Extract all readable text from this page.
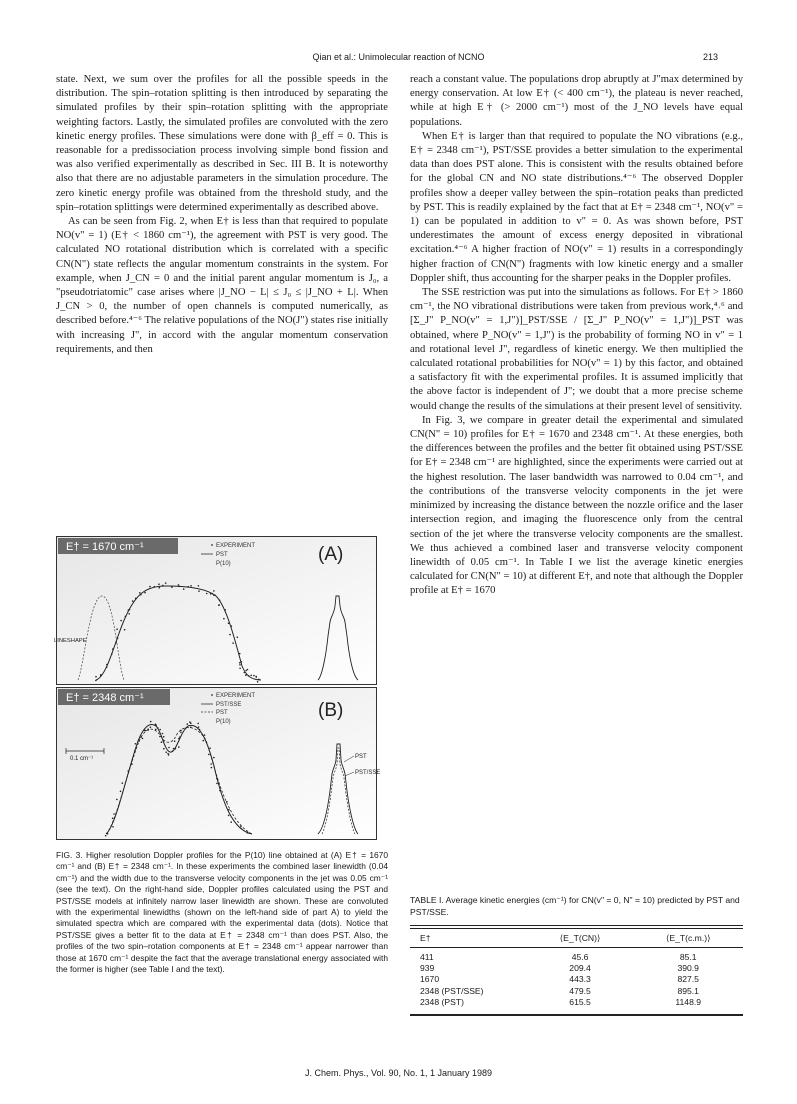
Qian et al.: Unimolecular reaction of NCNO	213

state. Next, we sum over the profiles for all the possible speeds in the distribution. The spin–rotation splitting is then introduced by separating the simulated profiles by their spin–rotation splitting with the appropriate weighting factors. Lastly, the simulated profiles are convoluted with the zero kinetic energy profiles. These simulations were done with β_eff = 0. This is reasonable for a predissociation process involving simple bond fission and was also verified experimentally as described in Sec. III B. It is noteworthy also that there are no adjustable parameters in the simulation procedure. The zero kinetic energy profile was obtained from the threshold study, and the spin–rotation splittings were determined experimentally as described above.

As can be seen from Fig. 2, when E† is less than that required to populate NO(v" = 1) (E† < 1860 cm⁻¹), the agreement with PST is very good. The calculated NO rotational distribution which is correlated with a specific CN(N") state reflects the angular momentum constraints in the system. For example, when J_CN = 0 and the initial parent angular momentum is J₀, a "pseudotriatomic" case arises where |J_NO − L| ≤ J₀ ≤ |J_NO + L|. When J_CN > 0, the number of open channels is computed numerically, as described before.⁴⁻⁶ The relative populations of the NO(J") states rise initially with increasing J", in accord with the angular momentum conservation requirements, and then

reach a constant value. The populations drop abruptly at J"max determined by energy conservation. At low E† (< 400 cm⁻¹), the plateau is never reached, while at high E† (> 2000 cm⁻¹) most of the J_NO levels have equal populations.

When E† is larger than that required to populate the NO vibrations (e.g., E† = 2348 cm⁻¹), PST/SSE provides a better simulation to the experimental data than does PST alone. This is consistent with the results obtained before for the global CN and NO state distributions.⁴⁻⁶ The observed Doppler profiles show a deeper valley between the spin–rotation peaks than predicted by PST. This is readily explained by the fact that at E† = 2348 cm⁻¹, NO(v" = 1) can be populated in addition to v" = 0. As was shown before, PST underestimates the amount of excess energy deposited in vibrational excitation.⁴⁻⁶ A higher fraction of NO(v" = 1) results in a correspondingly higher fraction of CN(N") fragments with low kinetic energy and a smaller Doppler shift, thus accounting for the sharper peaks in the Doppler profiles.

The SSE restriction was put into the simulations as follows. For E† > 1860 cm⁻¹, the NO vibrational distributions were taken from previous work,⁴˒⁶ and [Σ_J" P_NO(v" = 1,J")]_PST/SSE / [Σ_J" P_NO(v" = 1,J")]_PST was obtained, where P_NO(v" = 1,J") is the probability of forming NO in v" = 1 and rotational level J", regardless of kinetic energy. We then multiplied the calculated rotational probabilities for NO(v" = 1) by this factor, and obtained a satisfactory fit with the experimental profiles. It is assumed implicitly that the above factor is independent of J"; we doubt that a more precise scheme would change the results of the simulations at their present level of sensitivity.

In Fig. 3, we compare in greater detail the experimental and simulated CN(N" = 10) profiles for E† = 1670 and 2348 cm⁻¹. At these energies, both the differences between the profiles and the better fit obtained using PST/SSE for E† = 2348 cm⁻¹ are highlighted, since the experiments were carried out at the highest resolution. The laser bandwidth was narrowed to 0.04 cm⁻¹, and the contributions of the transverse velocity components in the jet were minimized by increasing the distance between the nozzle orifice and the laser intersection region, and imaging the fluorescence only from the central section of the jet where the transverse velocity components are the smallest. We thus achieved a combined laser and transverse velocity component linewidth of 0.05 cm⁻¹. In Table I we list the average kinetic energies calculated for CN(N" = 10) at different E†, and note that although the Doppler profile at E† = 1670

E† = 1670 cm⁻¹	EXPERIMENT
PST
P(10)	(A)
LINESHAPE
E† = 2348 cm⁻¹	EXPERIMENT
PST/SSE
PST
P(10)
(B)
0.1 cm⁻¹	PST
PST/SSE
FIG. 3. Higher resolution Doppler profiles for the P(10) line obtained at (A) E† = 1670 cm⁻¹ and (B) E† = 2348 cm⁻¹. In these experiments the combined laser linewidth (0.04 cm⁻¹) and the width due to the transverse velocity components in the jet was 0.05 cm⁻¹ (see the text). On the right-hand side, Doppler profiles calculated using the PST and PST/SSE models at infinitely narrow laser linewidth are shown. These are convoluted with the experimental linewidths (shown on the left-hand side of part A) to yield the simulated spectra which are compared with the experimental data (dots). Notice that PST/SSE gives a better fit to the data at E† = 2348 cm⁻¹ than does PST. Also, the profiles of the two spin–rotation components at E† = 2348 cm⁻¹ appear narrower than those at 1670 cm⁻¹ despite the fact that the average translational energy associated with the former is higher (see Table I and the text).
TABLE I. Average kinetic energies (cm⁻¹) for CN(v" = 0, N" = 10) predicted by PST and PST/SSE.
E†	⟨E_T(CN)⟩	⟨E_T(c.m.)⟩
411	45.6	85.1
939	209.4	390.9
1670	443.3	827.5
2348 (PST/SSE)	479.5	895.1
2348 (PST)	615.5	1148.9
J. Chem. Phys., Vol. 90, No. 1, 1 January 1989
